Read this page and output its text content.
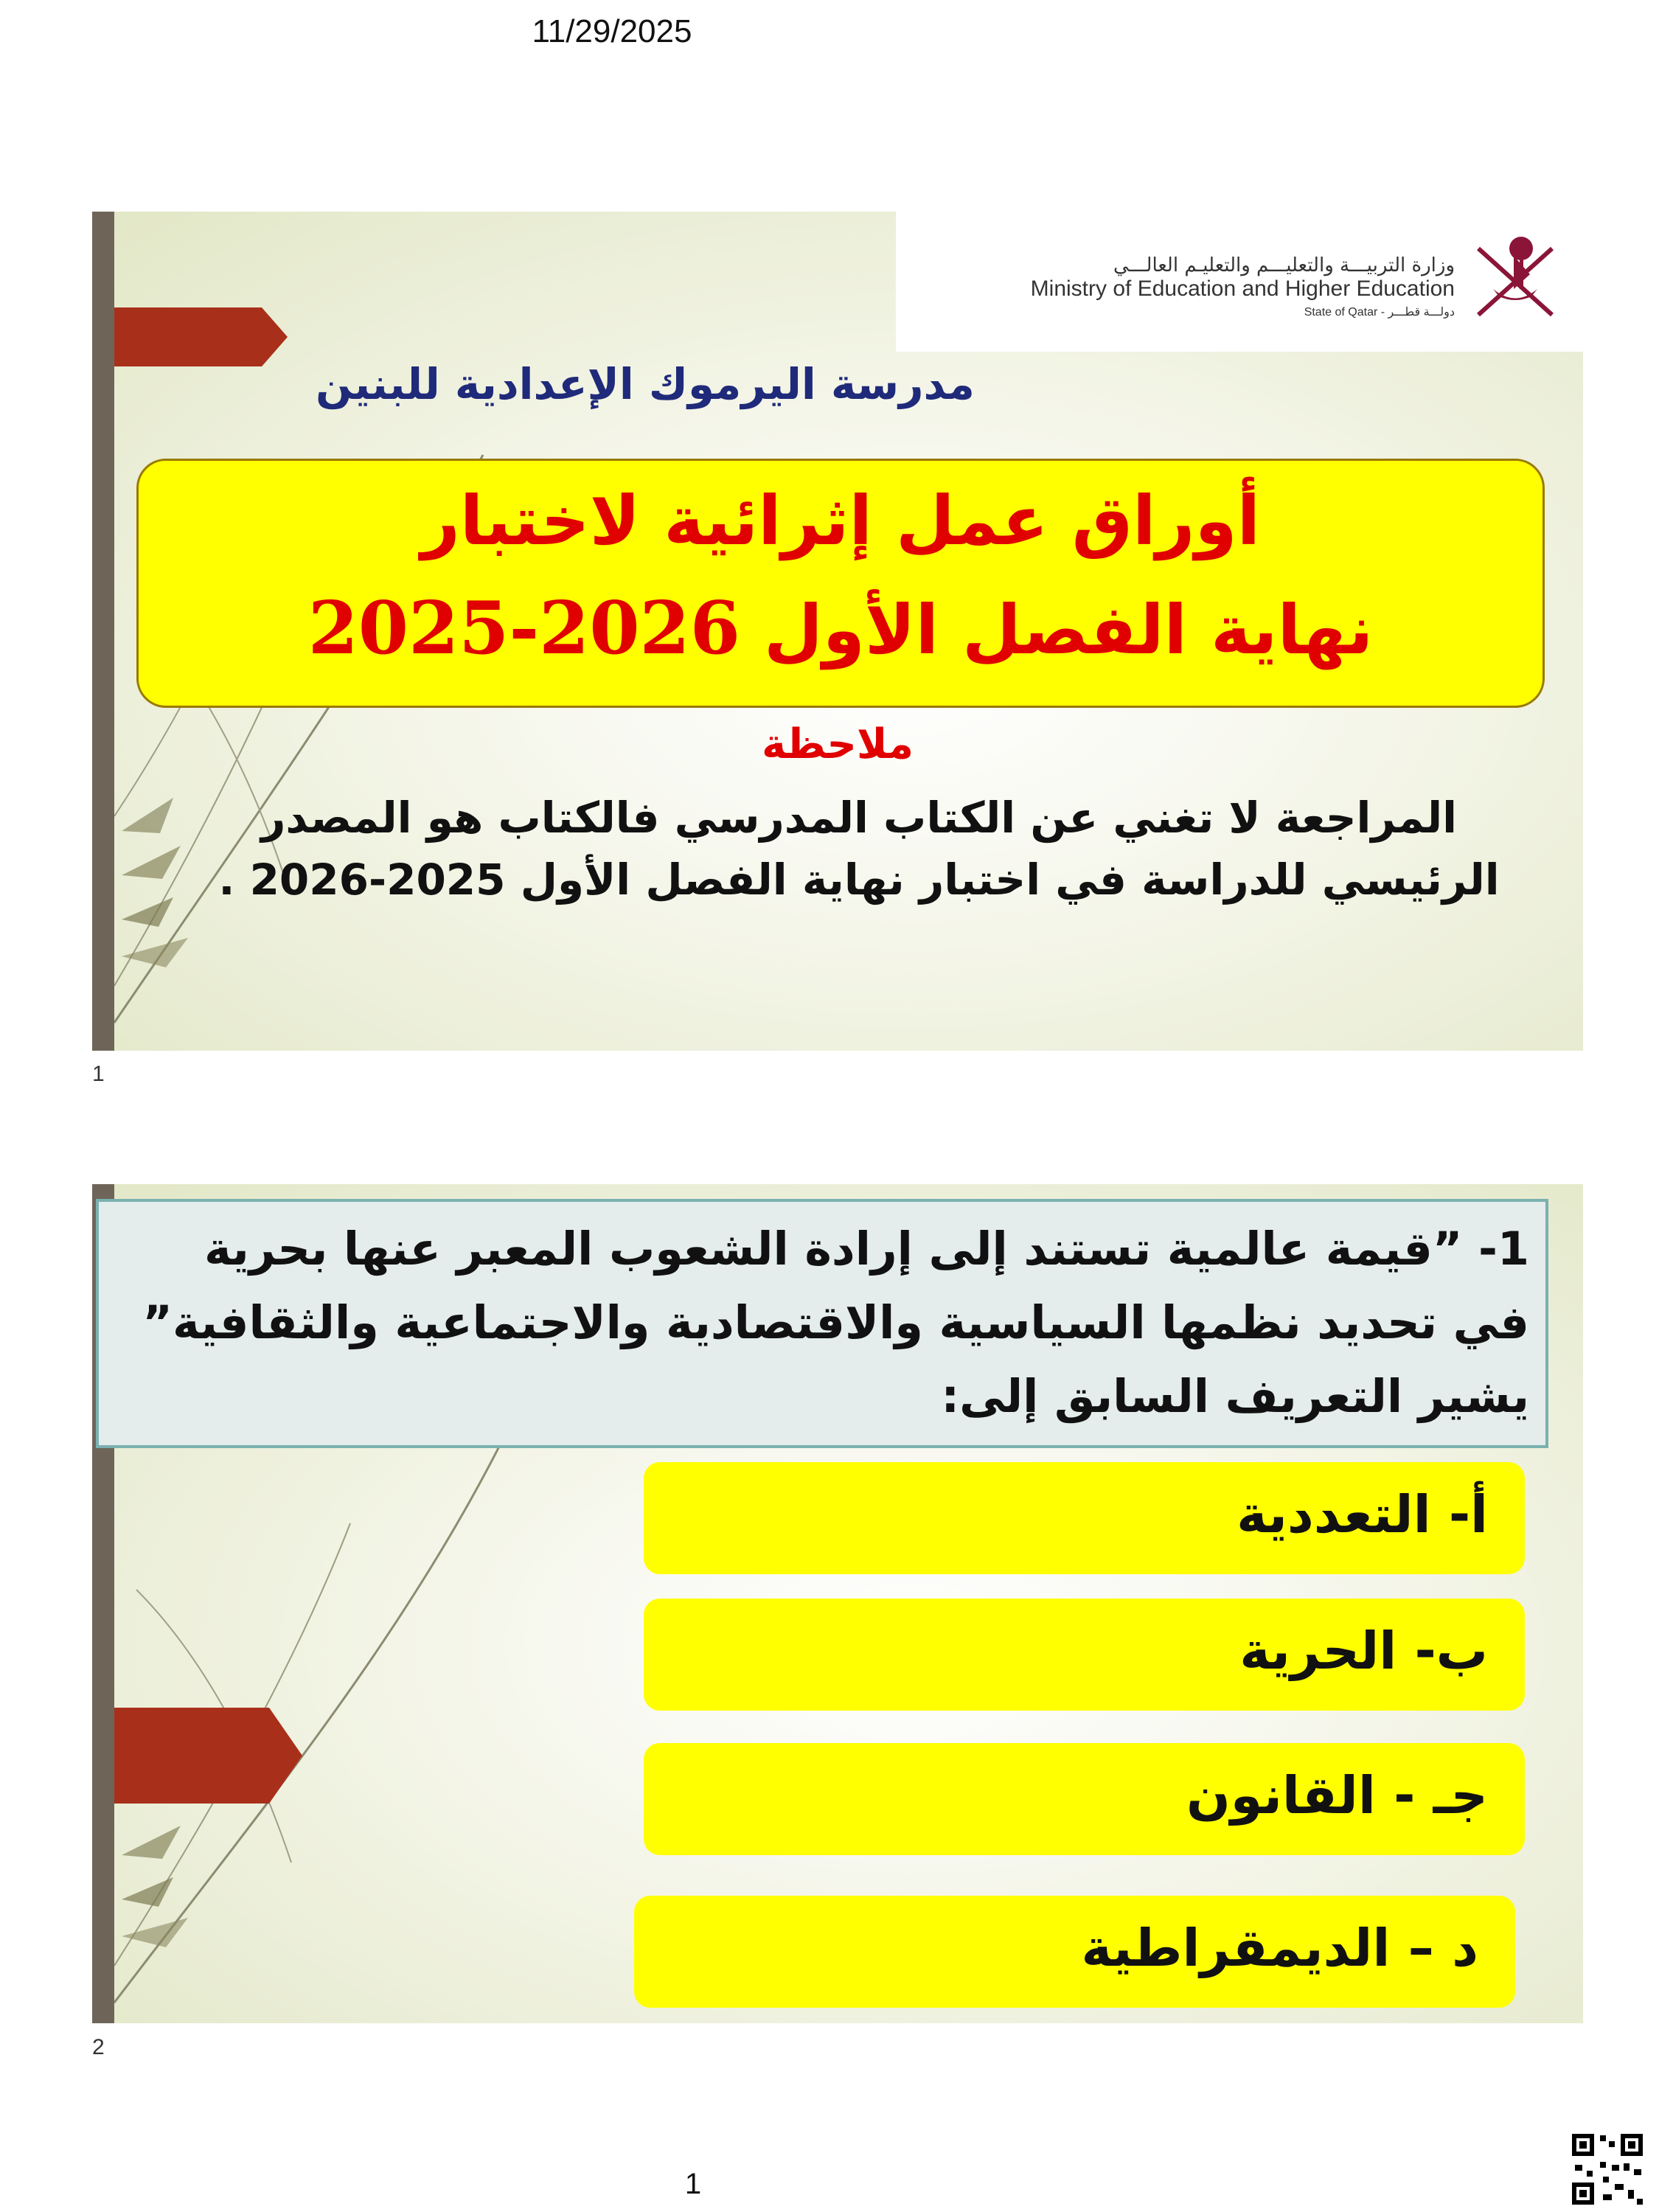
11/29/2025
وزارة التربيـــة والتعليـــم والتعليـم العالـــي
Ministry of Education and Higher Education
State of Qatar - دولـــة قطـــر
مدرسة اليرموك الإعدادية للبنين
أوراق عمل إثرائية لاختبار
نهاية الفصل الأول 2025-2026
ملاحظة
المراجعة لا تغني عن الكتاب المدرسي فالكتاب هو المصدر الرئيسي للدراسة في اختبار نهاية الفصل الأول 2025-2026 .
1
1- ”قيمة عالمية تستند إلى إرادة الشعوب المعبر عنها بحرية في تحديد نظمها السياسية والاقتصادية والاجتماعية والثقافية” يشير التعريف السابق إلى:
أ- التعددية
ب- الحرية
جـ - القانون
د – الديمقراطية
2
1
